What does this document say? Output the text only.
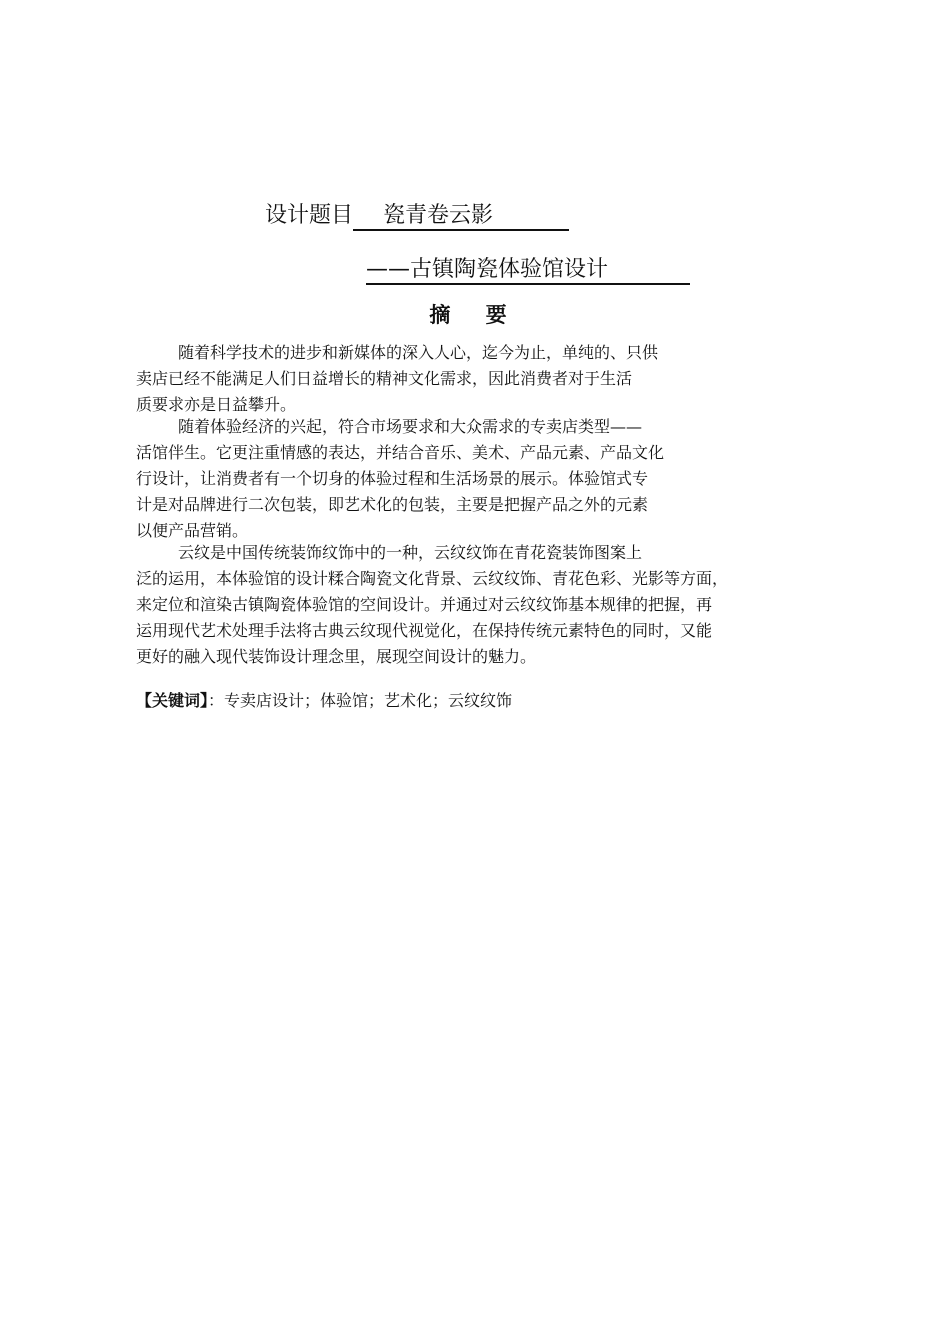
设计题目 瓷青卷云影
——古镇陶瓷体验馆设计
摘 要
随着科学技术的进步和新媒体的深入人心，迄今为止，单纯的、只供
卖店已经不能满足人们日益增长的精神文化需求，因此消费者对于生活
质要求亦是日益攀升。
随着体验经济的兴起，符合市场要求和大众需求的专卖店类型——
活馆伴生。它更注重情感的表达，并结合音乐、美术、产品元素、产品文化
行设计，让消费者有一个切身的体验过程和生活场景的展示。体验馆式专
计是对品牌进行二次包装，即艺术化的包装，主要是把握产品之外的元素
以便产品营销。
云纹是中国传统装饰纹饰中的一种，云纹纹饰在青花瓷装饰图案上
泛的运用，本体验馆的设计糅合陶瓷文化背景、云纹纹饰、青花色彩、光影等方面，
来定位和渲染古镇陶瓷体验馆的空间设计。并通过对云纹纹饰基本规律的把握，再
运用现代艺术处理手法将古典云纹现代视觉化，在保持传统元素特色的同时，又能
更好的融入现代装饰设计理念里，展现空间设计的魅力。
【关键词】：专卖店设计；体验馆；艺术化；云纹纹饰
